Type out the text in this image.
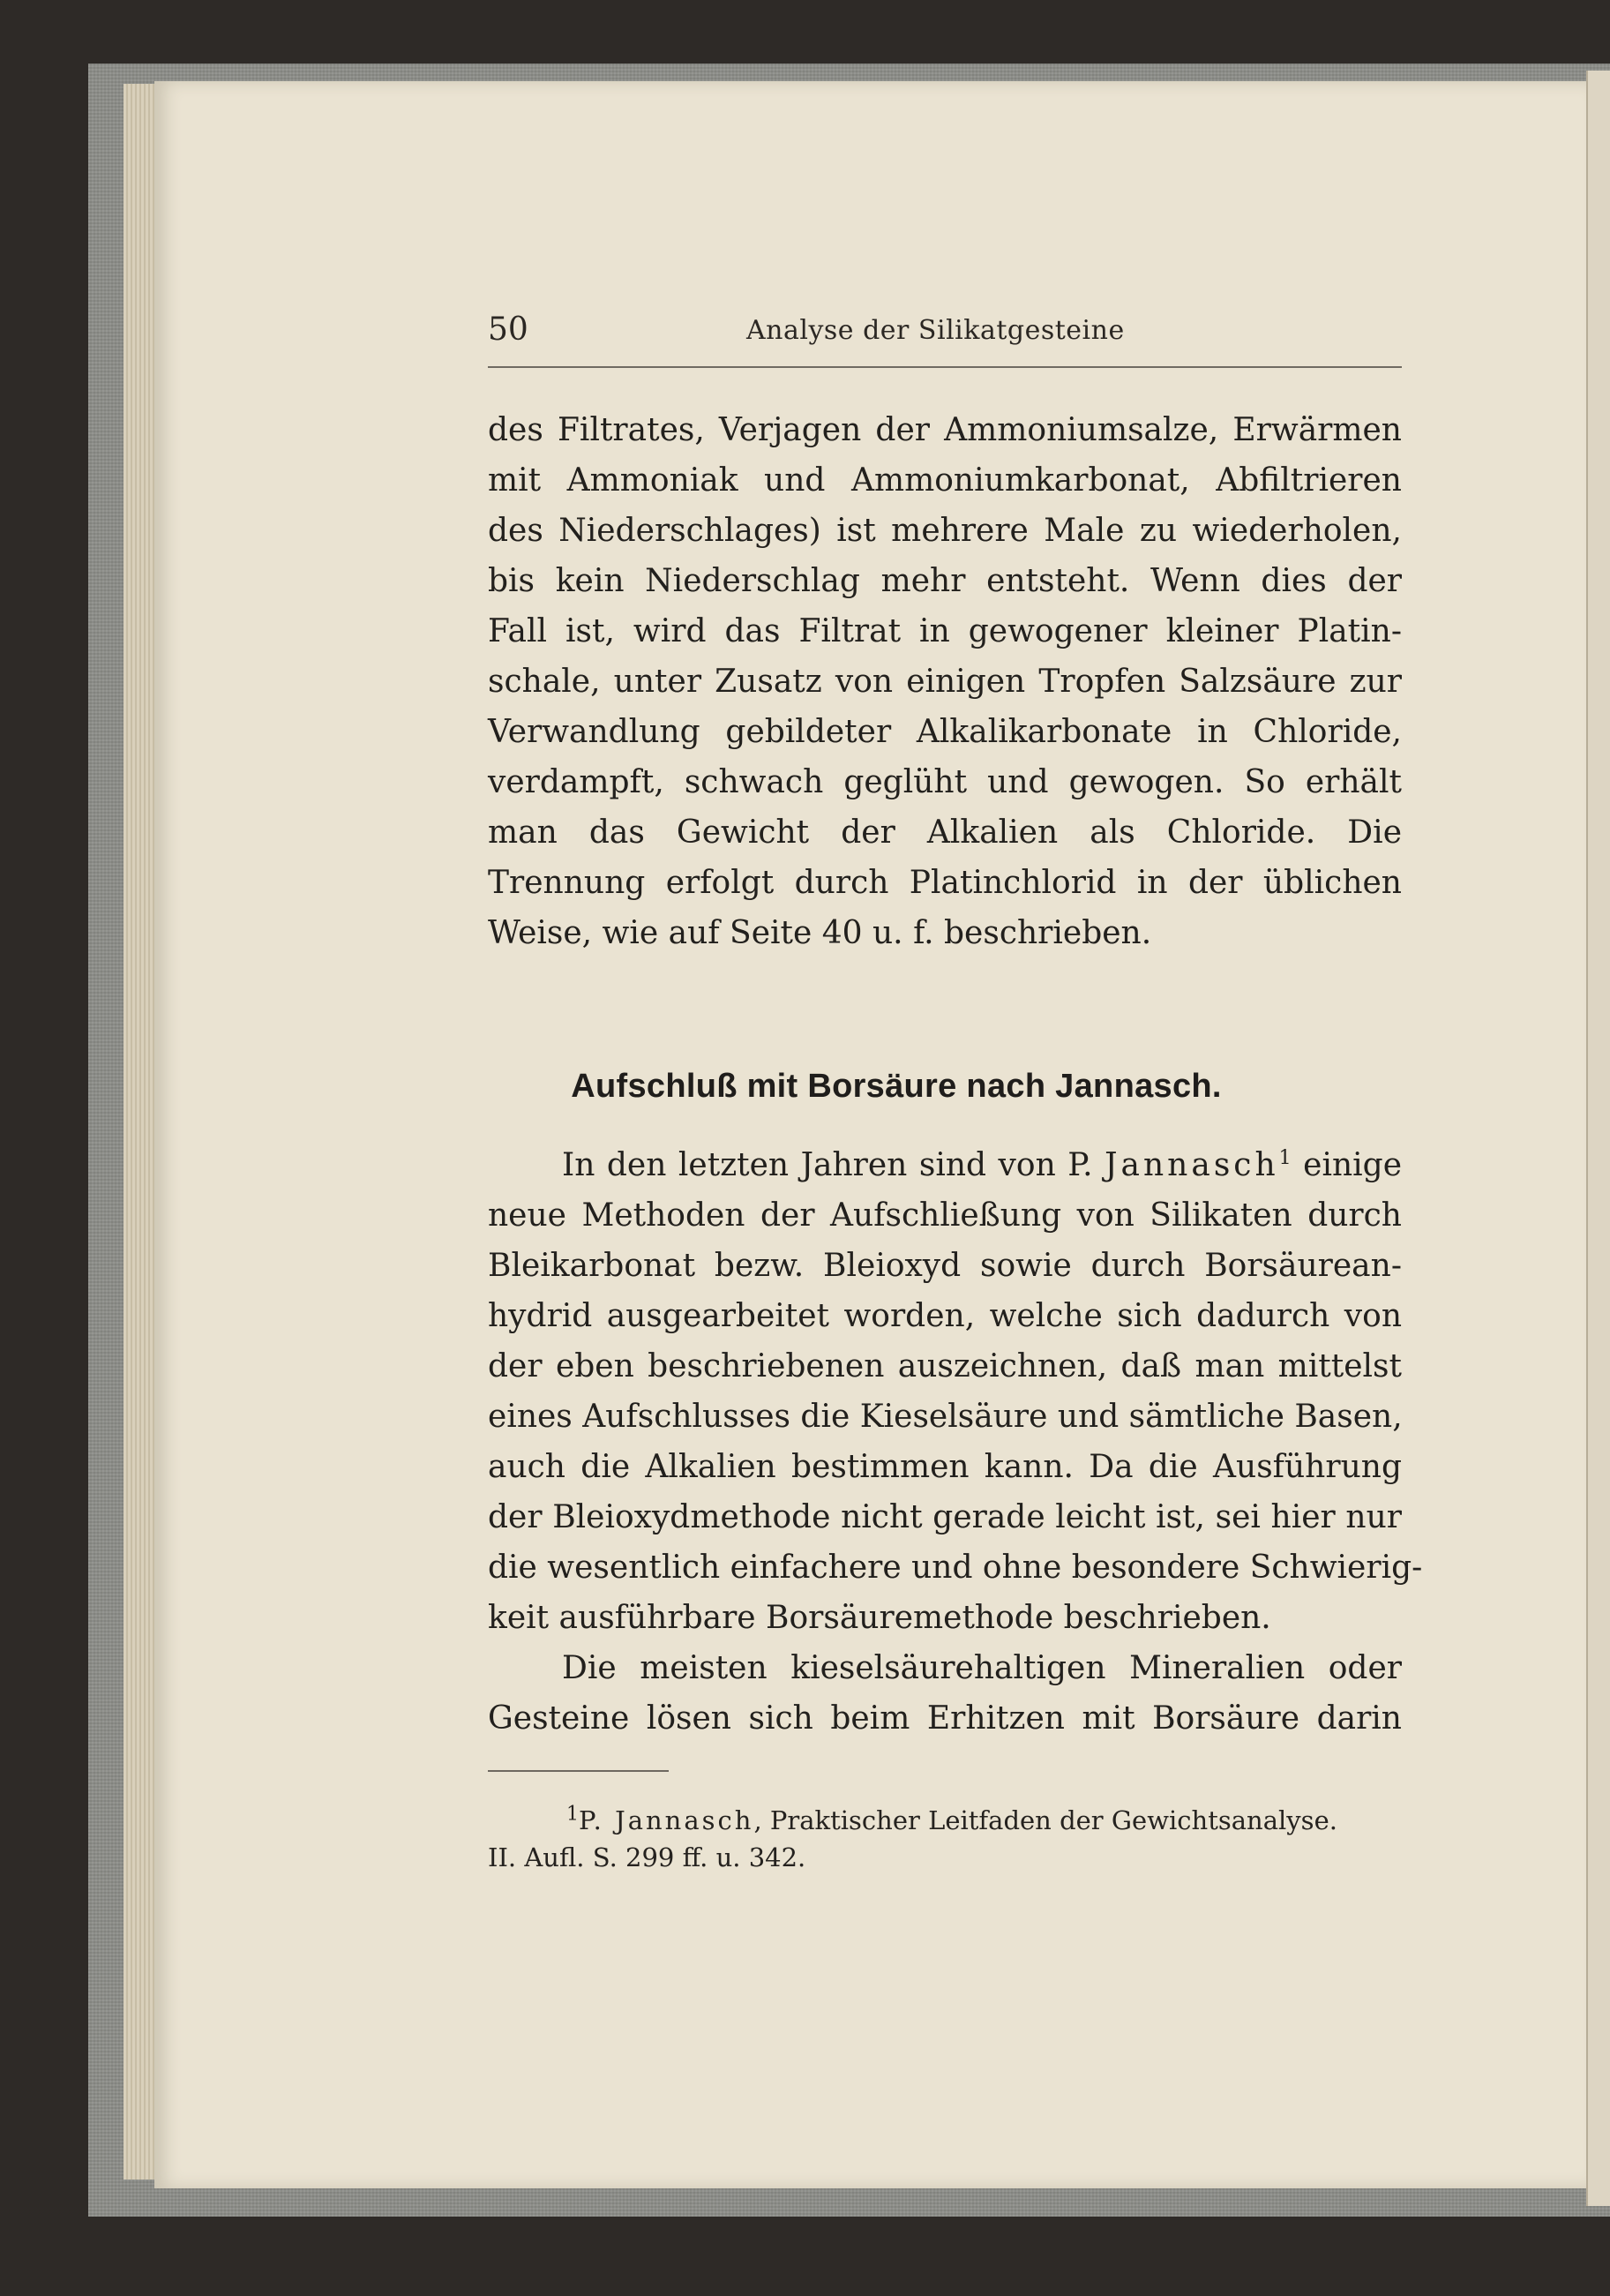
50	Analyse der Silikatgesteine
des Filtrates, Verjagen der Ammoniumsalze, Erwärmen
mit Ammoniak und Ammoniumkarbonat, Abfiltrieren
des Niederschlages) ist mehrere Male zu wiederholen,
bis kein Niederschlag mehr entsteht. Wenn dies der
Fall ist, wird das Filtrat in gewogener kleiner Platin-
schale, unter Zusatz von einigen Tropfen Salzsäure zur
Verwandlung gebildeter Alkalikarbonate in Chloride,
verdampft, schwach geglüht und gewogen. So erhält
man das Gewicht der Alkalien als Chloride. Die
Trennung erfolgt durch Platinchlorid in der üblichen
Weise, wie auf Seite 40 u. f. beschrieben.
In den letzten Jahren sind von P. Jannasch$^1$ einige
neue Methoden der Aufschließung von Silikaten durch
Bleikarbonat bezw. Bleioxyd sowie durch Borsäurean-
hydrid ausgearbeitet worden, welche sich dadurch von
der eben beschriebenen auszeichnen, daß man mittelst
eines Aufschlusses die Kieselsäure und sämtliche Basen,
auch die Alkalien bestimmen kann. Da die Ausführung
der Bleioxydmethode nicht gerade leicht ist, sei hier nur
die wesentlich einfachere und ohne besondere Schwierig-
keit ausführbare Borsäuremethode beschrieben.
Die meisten kieselsäurehaltigen Mineralien oder
Gesteine lösen sich beim Erhitzen mit Borsäure darin
Aufschluß mit Borsäure nach Jannasch.
$^1$P. Jannasch, Praktischer Leitfaden der Gewichtsanalyse.
II. Aufl. S. 299 ff. u. 342.
